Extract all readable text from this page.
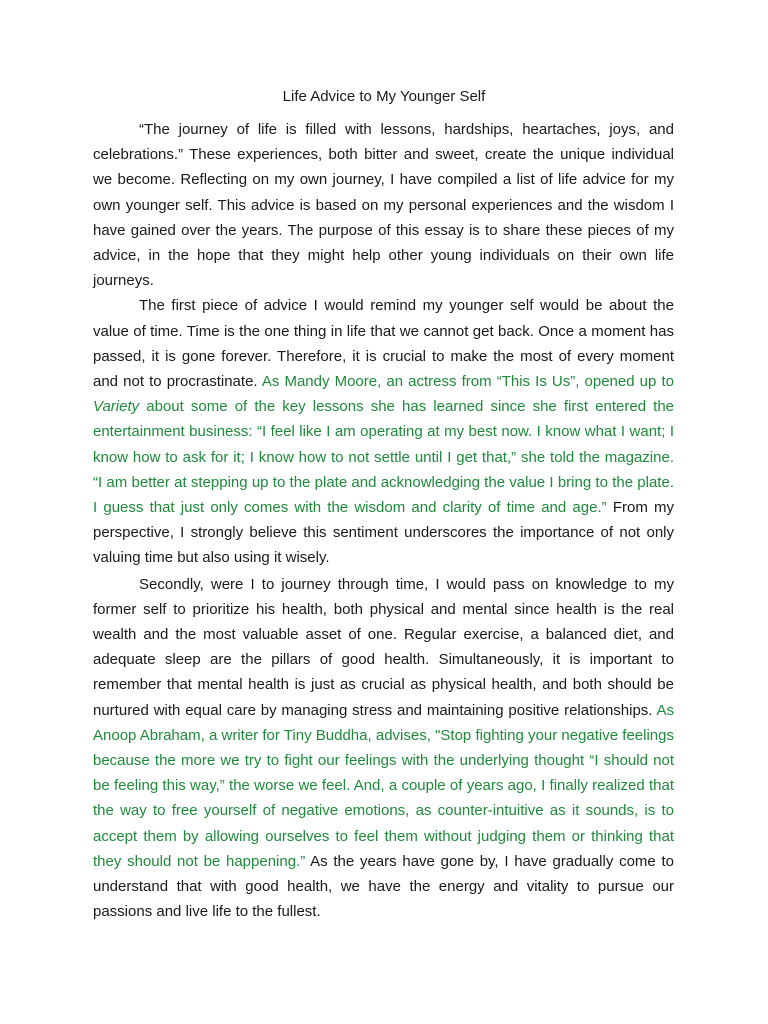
Life Advice to My Younger Self

“The journey of life is filled with lessons, hardships, heartaches, joys, and celebrations.” These experiences, both bitter and sweet, create the unique individual we become. Reflecting on my own journey, I have compiled a list of life advice for my own younger self. This advice is based on my personal experiences and the wisdom I have gained over the years. The purpose of this essay is to share these pieces of my advice, in the hope that they might help other young individuals on their own life journeys.

The first piece of advice I would remind my younger self would be about the value of time. Time is the one thing in life that we cannot get back. Once a moment has passed, it is gone forever. Therefore, it is crucial to make the most of every moment and not to procrastinate. As Mandy Moore, an actress from “This Is Us”, opened up to Variety about some of the key lessons she has learned since she first entered the entertainment business: “I feel like I am operating at my best now. I know what I want; I know how to ask for it; I know how to not settle until I get that,” she told the magazine. “I am better at stepping up to the plate and acknowledging the value I bring to the plate. I guess that just only comes with the wisdom and clarity of time and age.” From my perspective, I strongly believe this sentiment underscores the importance of not only valuing time but also using it wisely.

Secondly, were I to journey through time, I would pass on knowledge to my former self to prioritize his health, both physical and mental since health is the real wealth and the most valuable asset of one. Regular exercise, a balanced diet, and adequate sleep are the pillars of good health. Simultaneously, it is important to remember that mental health is just as crucial as physical health, and both should be nurtured with equal care by managing stress and maintaining positive relationships. As Anoop Abraham, a writer for Tiny Buddha, advises, "Stop fighting your negative feelings because the more we try to fight our feelings with the underlying thought “I should not be feeling this way,” the worse we feel. And, a couple of years ago, I finally realized that the way to free yourself of negative emotions, as counter-intuitive as it sounds, is to accept them by allowing ourselves to feel them without judging them or thinking that they should not be happening.” As the years have gone by, I have gradually come to understand that with good health, we have the energy and vitality to pursue our passions and live life to the fullest.
